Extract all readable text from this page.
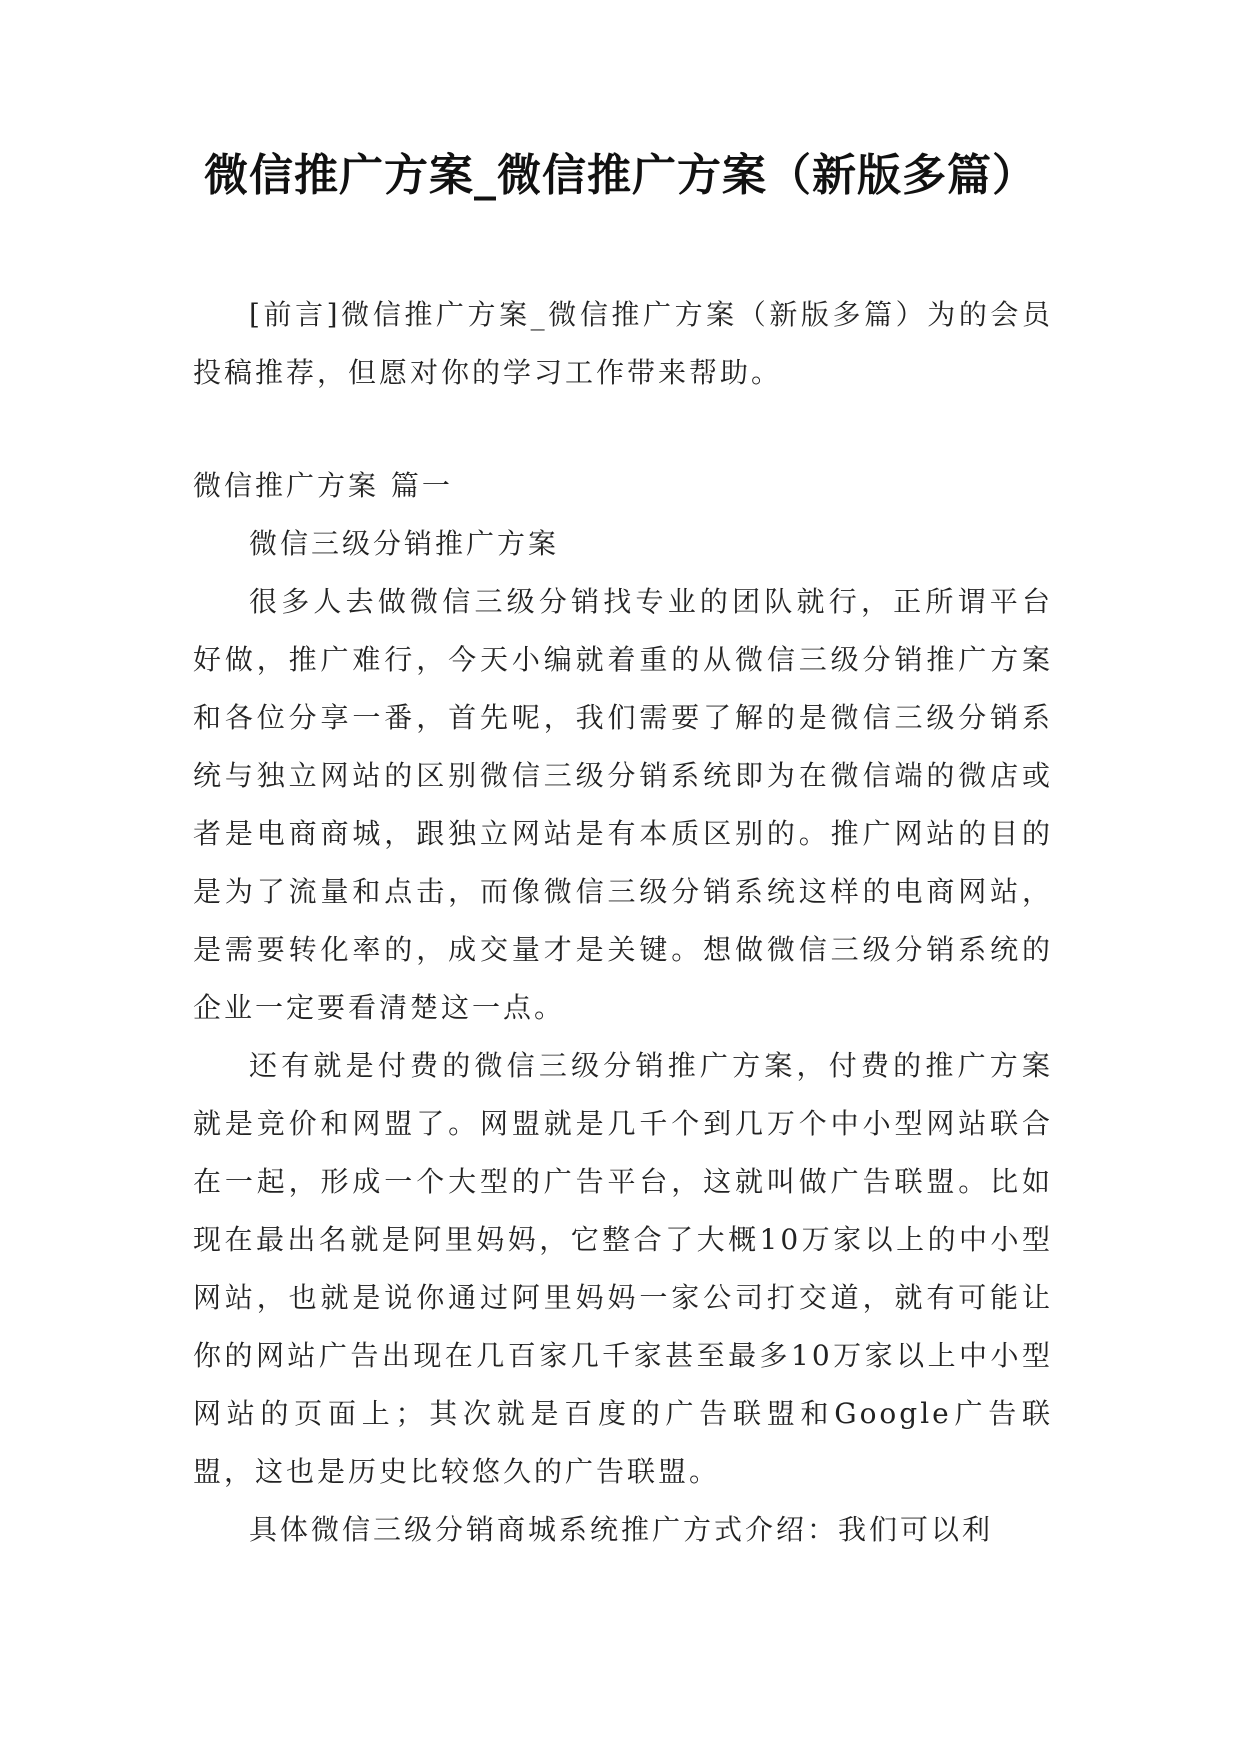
微信推广方案_微信推广方案（新版多篇）

[前言]微信推广方案_微信推广方案（新版多篇）为的会员投稿推荐，但愿对你的学习工作带来帮助。

微信推广方案 篇一

微信三级分销推广方案

很多人去做微信三级分销找专业的团队就行，正所谓平台好做，推广难行，今天小编就着重的从微信三级分销推广方案和各位分享一番，首先呢，我们需要了解的是微信三级分销系统与独立网站的区别微信三级分销系统即为在微信端的微店或者是电商商城，跟独立网站是有本质区别的。推广网站的目的是为了流量和点击，而像微信三级分销系统这样的电商网站，是需要转化率的，成交量才是关键。想做微信三级分销系统的企业一定要看清楚这一点。

还有就是付费的微信三级分销推广方案，付费的推广方案就是竞价和网盟了。网盟就是几千个到几万个中小型网站联合在一起，形成一个大型的广告平台，这就叫做广告联盟。比如现在最出名就是阿里妈妈，它整合了大概10万家以上的中小型网站，也就是说你通过阿里妈妈一家公司打交道，就有可能让你的网站广告出现在几百家几千家甚至最多10万家以上中小型网站的页面上；其次就是百度的广告联盟和Google广告联盟，这也是历史比较悠久的广告联盟。

具体微信三级分销商城系统推广方式介绍：我们可以利
